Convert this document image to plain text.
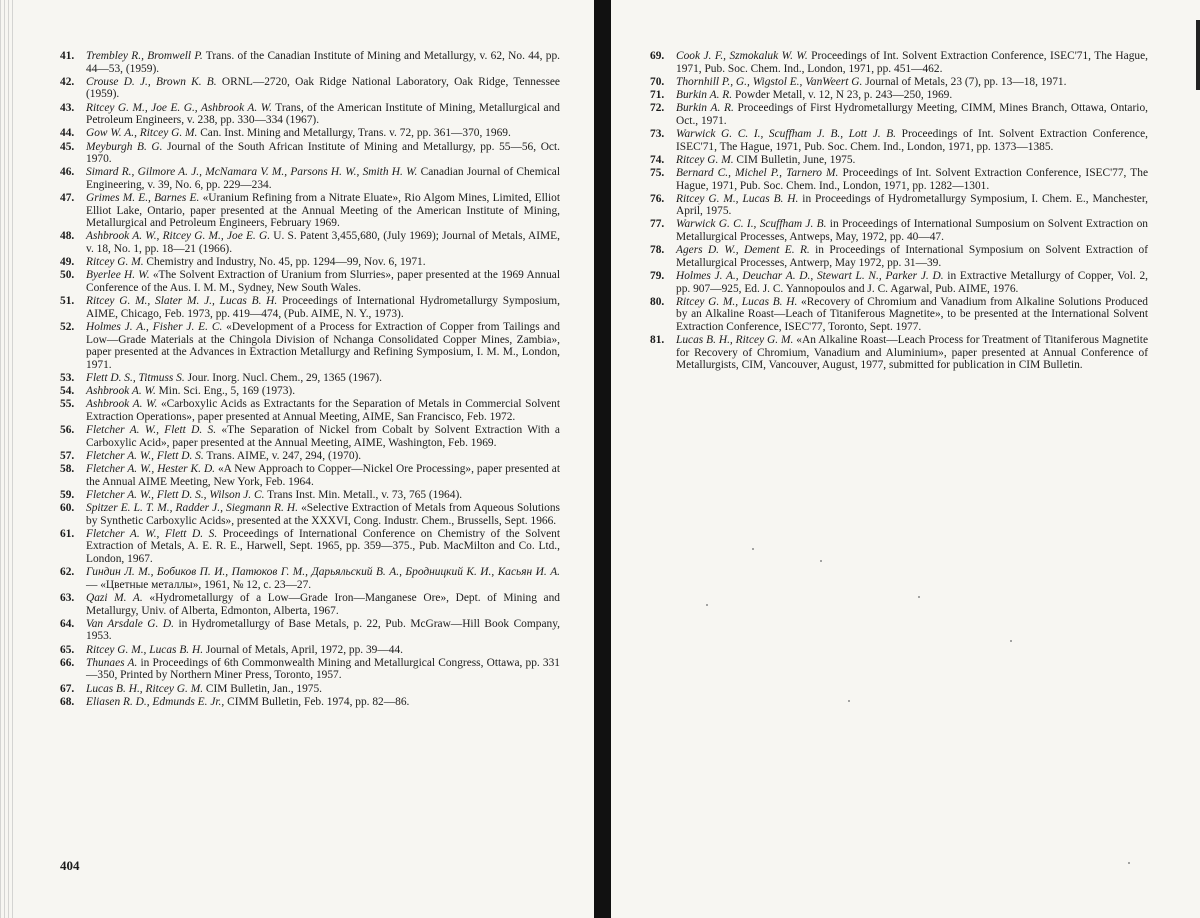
41.	Trembley R., Bromwell P. Trans. of the Canadian Institute of Mining and Metallurgy, v. 62, No. 44, pp. 44—53, (1959).
42.	Crouse D. J., Brown K. B. ORNL—2720, Oak Ridge National Laboratory, Oak Ridge, Tennessee (1959).
43.	Ritcey G. M., Joe E. G., Ashbrook A. W. Trans, of the American Institute of Mining, Metallurgical and Petroleum Engineers, v. 238, pp. 330—334 (1967).
44.	Gow W. A., Ritcey G. M. Can. Inst. Mining and Metallurgy, Trans. v. 72, pp. 361—370, 1969.
45.	Meyburgh B. G. Journal of the South African Institute of Mining and Metallurgy, pp. 55—56, Oct. 1970.
46.	Simard R., Gilmore A. J., McNamara V. M., Parsons H. W., Smith H. W. Canadian Journal of Chemical Engineering, v. 39, No. 6, pp. 229—234.
47.	Grimes M. E., Barnes E. «Uranium Refining from a Nitrate Eluate», Rio Algom Mines, Limited, Elliot Elliot Lake, Ontario, paper presented at the Annual Meeting of the American Institute of Mining, Metallurgical and Petroleum Engineers, February 1969.
48.	Ashbrook A. W., Ritcey G. M., Joe E. G. U. S. Patent 3,455,680, (July 1969); Journal of Metals, AIME, v. 18, No. 1, pp. 18—21 (1966).
49.	Ritcey G. M. Chemistry and Industry, No. 45, pp. 1294—99, Nov. 6, 1971.
50.	Byerlee H. W. «The Solvent Extraction of Uranium from Slurries», paper presented at the 1969 Annual Conference of the Aus. I. M. M., Sydney, New South Wales.
51.	Ritcey G. M., Slater M. J., Lucas B. H. Proceedings of International Hydrometallurgy Symposium, AIME, Chicago, Feb. 1973, pp. 419—474, (Pub. AIME, N. Y., 1973).
52.	Holmes J. A., Fisher J. E. C. «Development of a Process for Extraction of Copper from Tailings and Low—Grade Materials at the Chingola Division of Nchanga Consolidated Copper Mines, Zambia», paper presented at the Advances in Extraction Metallurgy and Refining Symposium, I. M. M., London, 1971.
53.	Flett D. S., Titmuss S. Jour. Inorg. Nucl. Chem., 29, 1365 (1967).
54.	Ashbrook A. W. Min. Sci. Eng., 5, 169 (1973).
55.	Ashbrook A. W. «Carboxylic Acids as Extractants for the Separation of Metals in Commercial Solvent Extraction Operations», paper presented at Annual Meeting, AIME, San Francisco, Feb. 1972.
56.	Fletcher A. W., Flett D. S. «The Separation of Nickel from Cobalt by Solvent Extraction With a Carboxylic Acid», paper presented at the Annual Meeting, AIME, Washington, Feb. 1969.
57.	Fletcher A. W., Flett D. S. Trans. AIME, v. 247, 294, (1970).
58.	Fletcher A. W., Hester K. D. «A New Approach to Copper—Nickel Ore Processing», paper presented at the Annual AIME Meeting, New York, Feb. 1964.
59.	Fletcher A. W., Flett D. S., Wilson J. C. Trans Inst. Min. Metall., v. 73, 765 (1964).
60.	Spitzer E. L. T. M., Radder J., Siegmann R. H. «Selective Extraction of Metals from Aqueous Solutions by Synthetic Carboxylic Acids», presented at the XXXVI, Cong. Industr. Chem., Brussells, Sept. 1966.
61.	Fletcher A. W., Flett D. S. Proceedings of International Conference on Chemistry of the Solvent Extraction of Metals, A. E. R. E., Harwell, Sept. 1965, pp. 359—375., Pub. MacMilton and Co. Ltd., London, 1967.
62.	Гиндин Л. М., Бобиков П. И., Патюков Г. М., Дарьяльский В. А., Бродницкий К. И., Касьян И. А. — «Цветные металлы», 1961, № 12, с. 23—27.
63.	Qazi M. A. «Hydrometallurgy of a Low—Grade Iron—Manganese Ore», Dept. of Mining and Metallurgy, Univ. of Alberta, Edmonton, Alberta, 1967.
64.	Van Arsdale G. D. in Hydrometallurgy of Base Metals, p. 22, Pub. McGraw—Hill Book Company, 1953.
65.	Ritcey G. M., Lucas B. H. Journal of Metals, April, 1972, pp. 39—44.
66.	Thunaes A. in Proceedings of 6th Commonwealth Mining and Metallurgical Congress, Ottawa, pp. 331—350, Printed by Northern Miner Press, Toronto, 1957.
67.	Lucas B. H., Ritcey G. M. CIM Bulletin, Jan., 1975.
68.	Eliasen R. D., Edmunds E. Jr., CIMM Bulletin, Feb. 1974, pp. 82—86.
69.	Cook J. F., Szmokaluk W. W. Proceedings of Int. Solvent Extraction Conference, ISEC'71, The Hague, 1971, Pub. Soc. Chem. Ind., London, 1971, pp. 451—462.
70.	Thornhill P., G., Wigstol E., VanWeert G. Journal of Metals, 23 (7), pp. 13—18, 1971.
71.	Burkin A. R. Powder Metall, v. 12, N 23, p. 243—250, 1969.
72.	Burkin A. R. Proceedings of First Hydrometallurgy Meeting, CIMM, Mines Branch, Ottawa, Ontario, Oct., 1971.
73.	Warwick G. C. I., Scuffham J. B., Lott J. B. Proceedings of Int. Solvent Extraction Conference, ISEC'71, The Hague, 1971, Pub. Soc. Chem. Ind., London, 1971, pp. 1373—1385.
74.	Ritcey G. M. CIM Bulletin, June, 1975.
75.	Bernard C., Michel P., Tarnero M. Proceedings of Int. Solvent Extraction Conference, ISEC'77, The Hague, 1971, Pub. Soc. Chem. Ind., London, 1971, pp. 1282—1301.
76.	Ritcey G. M., Lucas B. H. in Proceedings of Hydrometallurgy Symposium, I. Chem. E., Manchester, April, 1975.
77.	Warwick G. C. I., Scuffham J. B. in Proceedings of International Sumposium on Solvent Extraction on Metallurgical Processes, Antweps, May, 1972, pp. 40—47.
78.	Agers D. W., Dement E. R. in Proceedings of International Symposium on Solvent Extraction of Metallurgical Processes, Antwerp, May 1972, pp. 31—39.
79.	Holmes J. A., Deuchar A. D., Stewart L. N., Parker J. D. in Extractive Metallurgy of Copper, Vol. 2, pp. 907—925, Ed. J. C. Yannopoulos and J. C. Agarwal, Pub. AIME, 1976.
80.	Ritcey G. M., Lucas B. H. «Recovery of Chromium and Vanadium from Alkaline Solutions Produced by an Alkaline Roast—Leach of Titaniferous Magnetite», to be presented at the International Solvent Extraction Conference, ISEC'77, Toronto, Sept. 1977.
81.	Lucas B. H., Ritcey G. M. «An Alkaline Roast—Leach Process for Treatment of Titaniferous Magnetite for Recovery of Chromium, Vanadium and Aluminium», paper presented at Annual Conference of Metallurgists, CIM, Vancouver, August, 1977, submitted for publication in CIM Bulletin.
404
